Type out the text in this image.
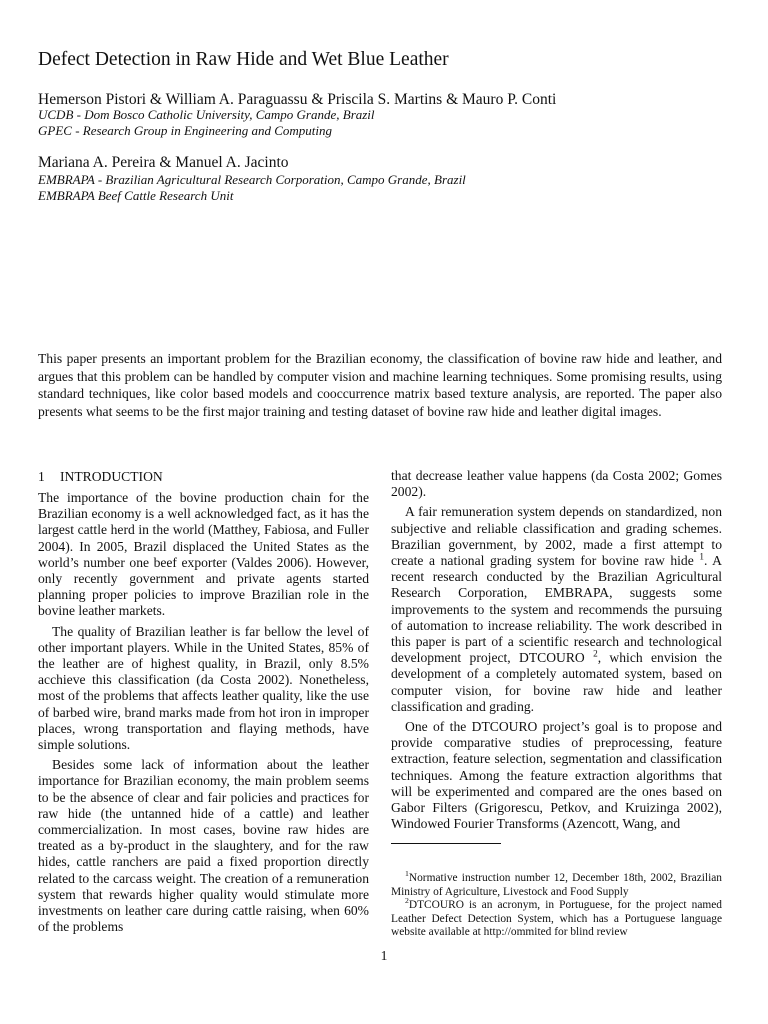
Defect Detection in Raw Hide and Wet Blue Leather
Hemerson Pistori & William A. Paraguassu & Priscila S. Martins & Mauro P. Conti
UCDB - Dom Bosco Catholic University, Campo Grande, Brazil
GPEC - Research Group in Engineering and Computing
Mariana A. Pereira & Manuel A. Jacinto
EMBRAPA - Brazilian Agricultural Research Corporation, Campo Grande, Brazil
EMBRAPA Beef Cattle Research Unit
This paper presents an important problem for the Brazilian economy, the classification of bovine raw hide and leather, and argues that this problem can be handled by computer vision and machine learning techniques. Some promising results, using standard techniques, like color based models and cooccurrence matrix based texture analysis, are reported. The paper also presents what seems to be the first major training and testing dataset of bovine raw hide and leather digital images.
1 INTRODUCTION

The importance of the bovine production chain for the Brazilian economy is a well acknowledged fact, as it has the largest cattle herd in the world (Matthey, Fabiosa, and Fuller 2004). In 2005, Brazil displaced the United States as the world’s number one beef exporter (Valdes 2006). However, only recently government and private agents started planning proper policies to improve Brazilian role in the bovine leather markets.

The quality of Brazilian leather is far bellow the level of other important players. While in the United States, 85% of the leather are of highest quality, in Brazil, only 8.5% acchieve this classification (da Costa 2002). Nonetheless, most of the problems that affects leather quality, like the use of barbed wire, brand marks made from hot iron in improper places, wrong transportation and flaying methods, have simple solutions.

Besides some lack of information about the leather importance for Brazilian economy, the main problem seems to be the absence of clear and fair policies and practices for raw hide (the untanned hide of a cattle) and leather commercialization. In most cases, bovine raw hides are treated as a by-product in the slaughtery, and for the raw hides, cattle ranchers are paid a fixed proportion directly related to the carcass weight. The creation of a remuneration system that rewards higher quality would stimulate more investments on leather care during cattle raising, when 60% of the problems

that decrease leather value happens (da Costa 2002; Gomes 2002).

A fair remuneration system depends on standardized, non subjective and reliable classification and grading schemes. Brazilian government, by 2002, made a first attempt to create a national grading system for bovine raw hide $^1$. A recent research conducted by the Brazilian Agricultural Research Corporation, EMBRAPA, suggests some improvements to the system and recommends the pursuing of automation to increase reliability. The work described in this paper is part of a scientific research and technological development project, DTCOURO $^2$, which envision the development of a completely automated system, based on computer vision, for bovine raw hide and leather classification and grading.

One of the DTCOURO project’s goal is to propose and provide comparative studies of preprocessing, feature extraction, feature selection, segmentation and classification techniques. Among the feature extraction algorithms that will be experimented and compared are the ones based on Gabor Filters (Grigorescu, Petkov, and Kruizinga 2002), Windowed Fourier Transforms (Azencott, Wang, and

$^1$Normative instruction number 12, December 18th, 2002, Brazilian Ministry of Agriculture, Livestock and Food Supply

$^2$DTCOURO is an acronym, in Portuguese, for the project named Leather Defect Detection System, which has a Portuguese language website available at http://ommited for blind review

1
